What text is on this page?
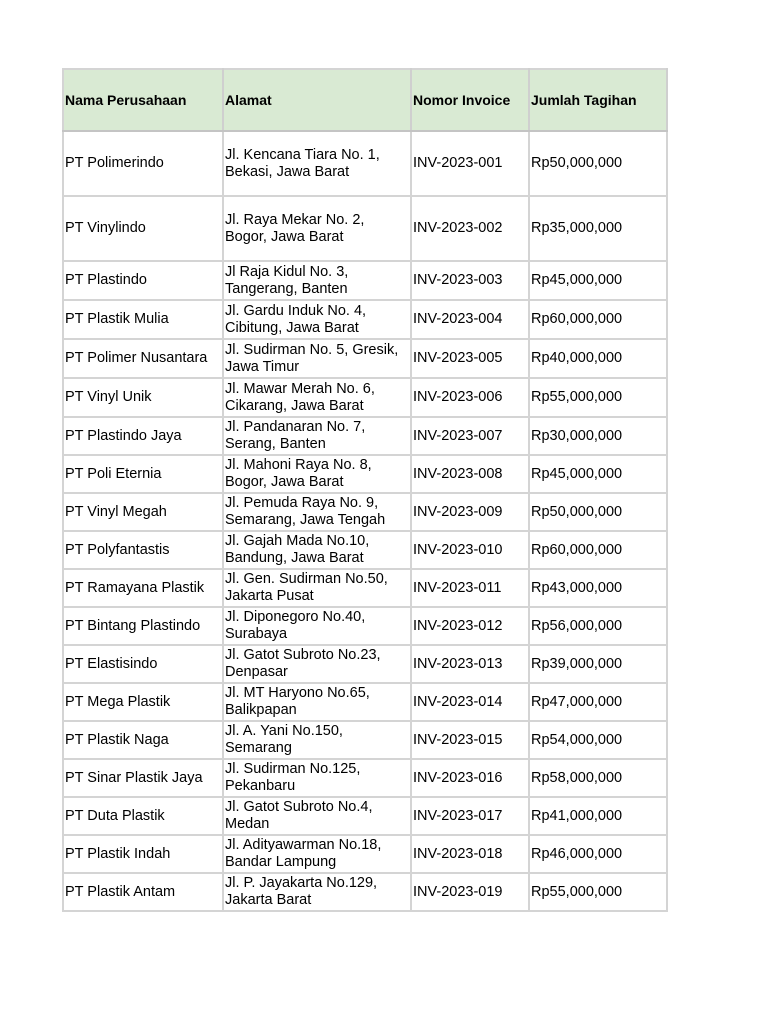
Nama Perusahaan	Alamat	Nomor Invoice	Jumlah Tagihan
PT Polimerindo	Jl. Kencana Tiara No. 1, Bekasi, Jawa Barat	INV-2023-001	Rp50,000,000
PT Vinylindo	Jl. Raya Mekar No. 2, Bogor, Jawa Barat	INV-2023-002	Rp35,000,000
PT Plastindo	Jl Raja Kidul No. 3, Tangerang, Banten	INV-2023-003	Rp45,000,000
PT Plastik Mulia	Jl. Gardu Induk No. 4, Cibitung, Jawa Barat	INV-2023-004	Rp60,000,000
PT Polimer Nusantara	Jl. Sudirman No. 5, Gresik, Jawa Timur	INV-2023-005	Rp40,000,000
PT Vinyl Unik	Jl. Mawar Merah No. 6, Cikarang, Jawa Barat	INV-2023-006	Rp55,000,000
PT Plastindo Jaya	Jl. Pandanaran No. 7, Serang, Banten	INV-2023-007	Rp30,000,000
PT Poli Eternia	Jl. Mahoni Raya No. 8, Bogor, Jawa Barat	INV-2023-008	Rp45,000,000
PT Vinyl Megah	Jl. Pemuda Raya No. 9, Semarang, Jawa Tengah	INV-2023-009	Rp50,000,000
PT Polyfantastis	Jl. Gajah Mada No.10, Bandung, Jawa Barat	INV-2023-010	Rp60,000,000
PT Ramayana Plastik	Jl. Gen. Sudirman No.50, Jakarta Pusat	INV-2023-011	Rp43,000,000
PT Bintang Plastindo	Jl. Diponegoro No.40, Surabaya	INV-2023-012	Rp56,000,000
PT Elastisindo	Jl. Gatot Subroto No.23, Denpasar	INV-2023-013	Rp39,000,000
PT Mega Plastik	Jl. MT Haryono No.65, Balikpapan	INV-2023-014	Rp47,000,000
PT Plastik Naga	Jl. A. Yani No.150, Semarang	INV-2023-015	Rp54,000,000
PT Sinar Plastik Jaya	Jl. Sudirman No.125, Pekanbaru	INV-2023-016	Rp58,000,000
PT Duta Plastik	Jl. Gatot Subroto No.4, Medan	INV-2023-017	Rp41,000,000
PT Plastik Indah	Jl. Adityawarman No.18, Bandar Lampung	INV-2023-018	Rp46,000,000
PT Plastik Antam	Jl. P. Jayakarta No.129, Jakarta Barat	INV-2023-019	Rp55,000,000
